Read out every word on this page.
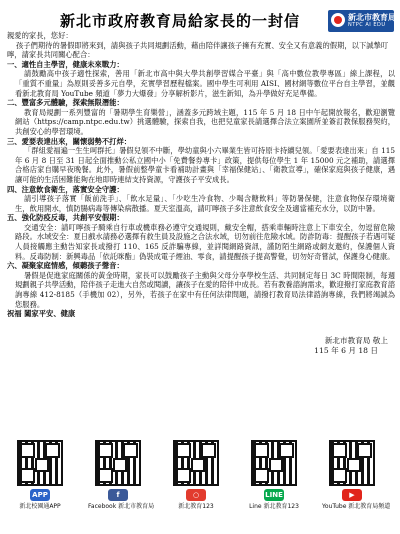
新北市政府教育局給家長的一封信	新北市教育局
NTPC AI EDU

親愛的家長，您好：

孩子們期待的暑假即將來到，請與孩子共同規劃活動，藉由陪伴讓孩子擁有充實、安全又有意義的假期，以下誠摯叮嚀，請家長共同關心配合：

一、適性自主學習，健康未來戰力：

請鼓勵高中孩子適性探索，善用「新北市高中與大學共創學習媒合平臺」與「高中數位教學專區」線上課程，以「重質不重量」為原則妥善多元自學，充實學習歷程檔案。國中學生可利用 AISI、國材網等數位平台自主學習，並觀看新北教育局 YouTube 頻道「夢力大爆發」分享解析影片，滋生新知，為升學做好充足準備。

二、豐富多元體驗，探索無限潛能：

教育局規劃一系列豐富的「暑期學生育樂營」，涵蓋多元跨域主題，115 年 5 月 18 日中午起開放報名，歡迎瀏覽網站（https://camp.ntpc.edu.tw）挑選體驗，探索自我，也把兒童家長請選擇合法立案園所並簽訂教保服務契約，共創安心的學習環境。

三、愛要表達出來，關懷弱勢不打烊：

「群組愛福遍一生生呵群托」暑假兒領不中斷，學幼童與小六畢業生皆可持原卡持續兒領。「愛要表達出來」自 115 年 6 月 8 日至 31 日起全面推動公私立國中小「免費餐券專卡」政策，提供每位學生 1 年 15000 元之補助，請選擇合格店家自購早夜晚餐。此外，暑假前整學童卡看補助計畫與「幸福保健站」、「衛教宣導」，確保家庭與孩子健康，遇讓可能的生活困難能夠在地即時連結支持資源，守護孩子平安成長。

四、注意飲食衛生，落實安全守護：

請引導孩子落實「飯前洗手」、「飲水足量」、「少吃生冷食物、少喝含糖飲料」等防暑保健，注意食物保存環境衛生，飲用開水，慎防腸病毒等傳染病散播。夏天室溫高，請叮嚀孩子多注意飲食安全及適當補充水分，以防中暑。

五、強化防疫反毒，共創平安假期：

交通安全：請叮嚀孩子騎乘自行車或機車務必遵守交通規則，戴安全帽，搭乘車輛時注意上下車安全，勿逗留危險路段。水域安全：夏日戲水請務必選擇有救生員及設施之合法水域，切勿前往危險水域。防詐防毒：提醒孩子若遇可疑人員接觸應主動告知家長或撥打 110、165 反詐騙專線，並詳閱網路資訊，謹防陌生網路或網友邀約，保護個人資料。反毒防制：新興毒品「依託咪酯」偽裝成電子煙油、零食，請提醒孩子提高警覺，切勿好奇嘗試，保護身心健康。

六、凝聚家庭情感，傾聽孩子聲音：

暑假是促進家庭關係的黃金時期，家長可以鼓勵孩子主動與父母分享學校生活、共同制定每日 3C 時間限制，每週規劃親子共學活動，陪伴孩子走進大自然或閱讀，讓孩子在愛的陪伴中成長。若有教養諮詢需求，歡迎撥打家庭教育諮詢專線 412-8185（手機加 02），另外，若孩子在家中有任何法律問題，請撥打教育局法律諮詢專線，我們將竭誠為您服務。

祝福 闔家平安、健康

新北市教育局 敬上
115 年 6 月 18 日
APP
新北校園通APP
f
Facebook 新北市教育局
○
新北教育123
LINE
Line 新北教育123
▶
YouTube 新北教育局頻道
